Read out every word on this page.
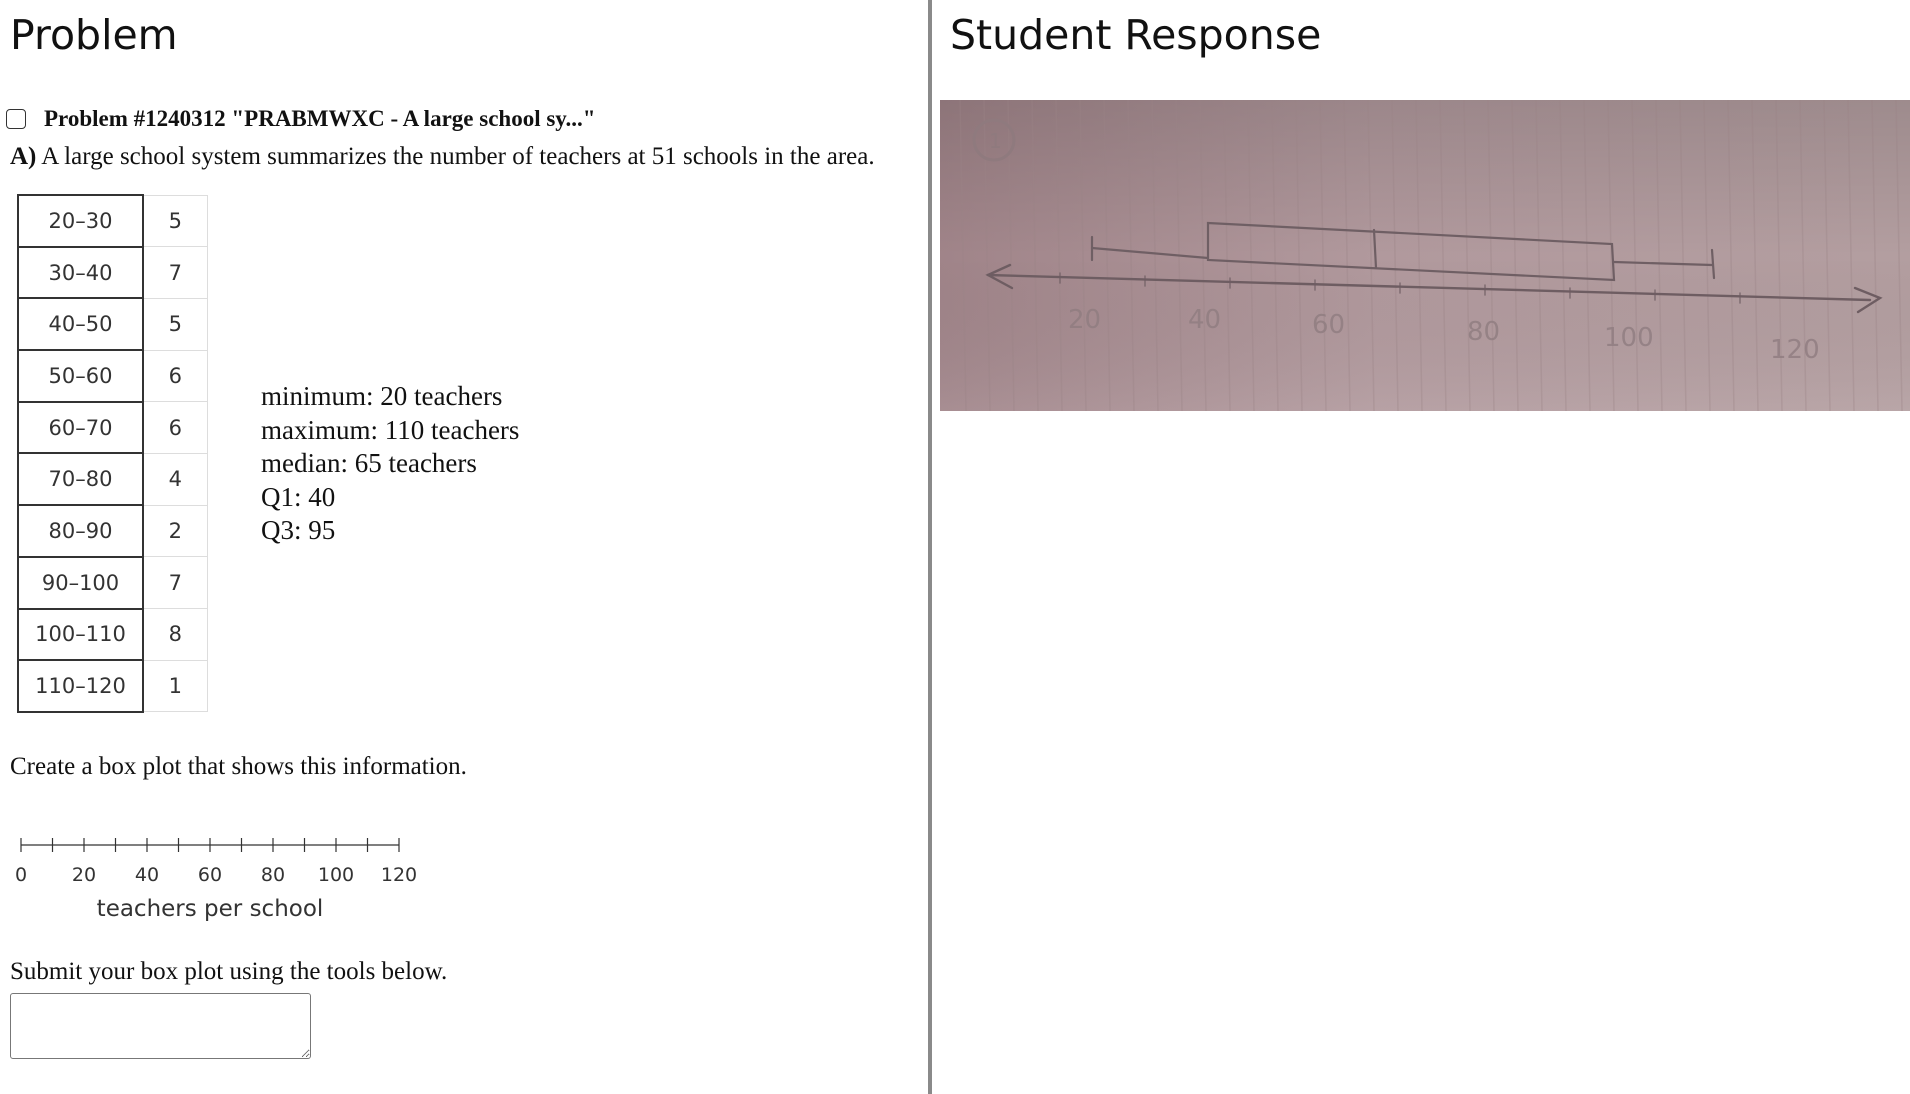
Problem
Problem #1240312 "PRABMWXC - A large school sy..."
A) A large school system summarizes the number of teachers at 51 schools in the area.
20–30	5
30–40	7
40–50	5
50–60	6
60–70	6
70–80	4
80–90	2
90–100	7
100–110	8
110–120	1
minimum: 20 teachers
maximum: 110 teachers
median: 65 teachers
Q1: 40
Q3: 95
Create a box plot that shows this information.
0 20 40 60 80 100 120
teachers per school
Submit your box plot using the tools below.
Student Response
1
20	40	60	80	100	120
